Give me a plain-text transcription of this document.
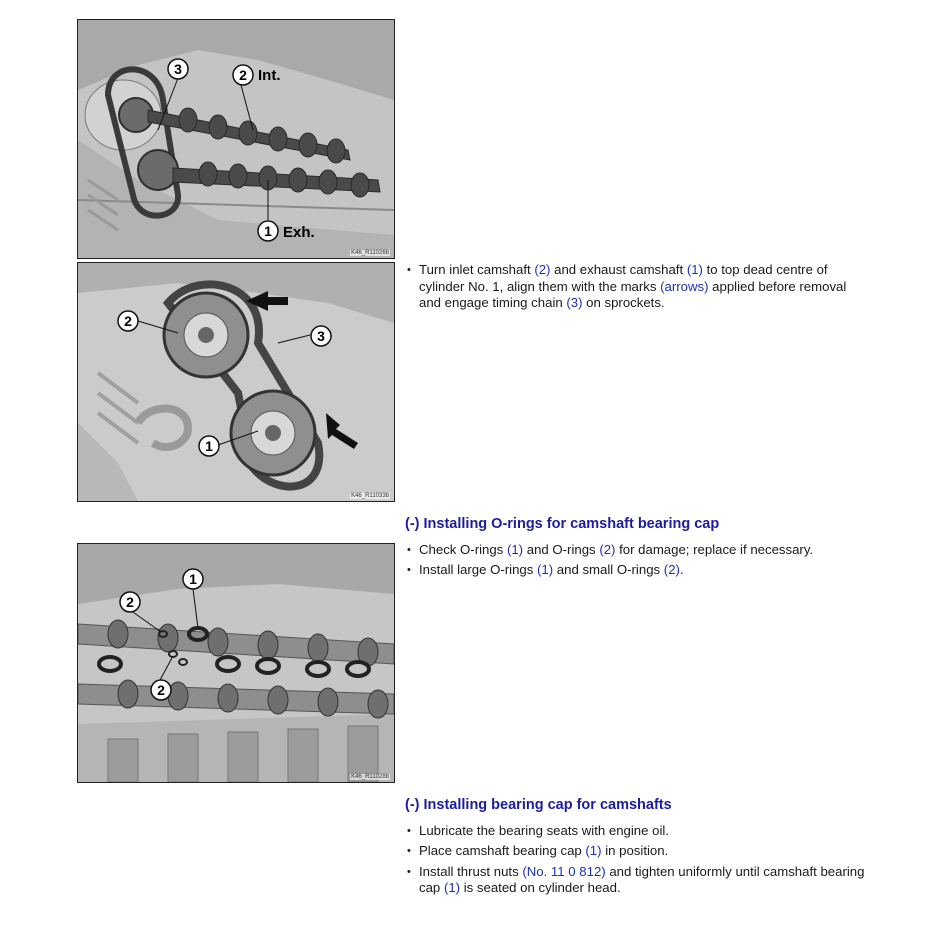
3	2 Int.
1 Exh.
K46_R11026b
2
3
1
K46_R11033b
1
2
2
K46_R11028b
• Turn inlet camshaft (2) and exhaust camshaft (1) to top dead centre of cylinder No. 1, align them with the marks (arrows) applied before removal and engage timing chain (3) on sprockets.
(-) Installing O-rings for camshaft bearing cap
• Check O-rings (1) and O-rings (2) for damage; replace if necessary.
• Install large O-rings (1) and small O-rings (2).
(-) Installing bearing cap for camshafts
• Lubricate the bearing seats with engine oil.
• Place camshaft bearing cap (1) in position.
• Install thrust nuts (No. 11 0 812) and tighten uniformly until camshaft bearing cap (1) is seated on cylinder head.
